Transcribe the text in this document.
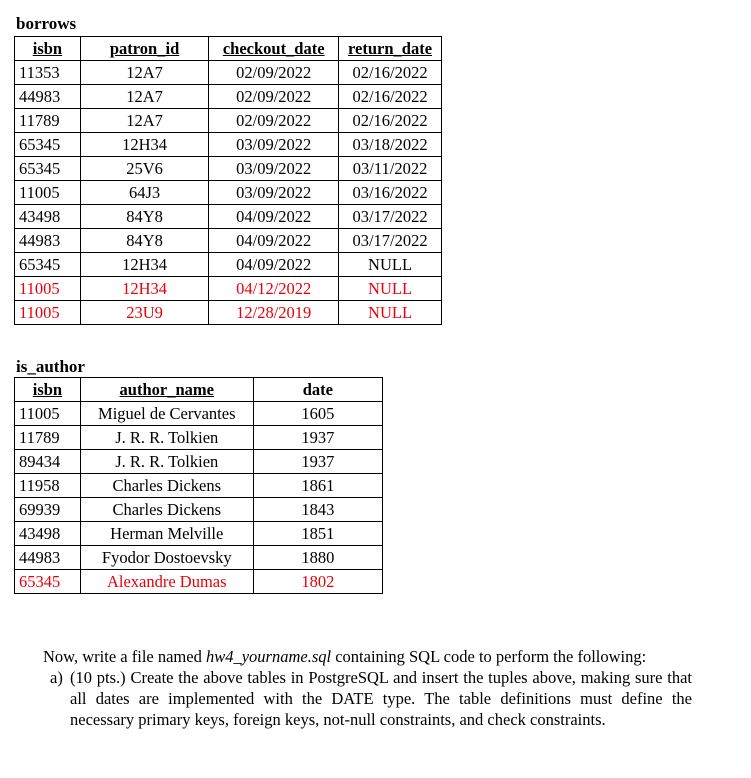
borrows
isbn	patron_id	checkout_date	return_date
11353	12A7	02/09/2022	02/16/2022
44983	12A7	02/09/2022	02/16/2022
11789	12A7	02/09/2022	02/16/2022
65345	12H34	03/09/2022	03/18/2022
65345	25V6	03/09/2022	03/11/2022
11005	64J3	03/09/2022	03/16/2022
43498	84Y8	04/09/2022	03/17/2022
44983	84Y8	04/09/2022	03/17/2022
65345	12H34	04/09/2022	NULL
11005	12H34	04/12/2022	NULL
11005	23U9	12/28/2019	NULL
is_author
isbn	author_name	date
11005	Miguel de Cervantes	1605
11789	J. R. R. Tolkien	1937
89434	J. R. R. Tolkien	1937
11958	Charles Dickens	1861
69939	Charles Dickens	1843
43498	Herman Melville	1851
44983	Fyodor Dostoevsky	1880
65345	Alexandre Dumas	1802
Now, write a file named hw4_yourname.sql containing SQL code to perform the following:
a) (10 pts.) Create the above tables in PostgreSQL and insert the tuples above, making sure that all dates are implemented with the DATE type. The table definitions must define the necessary primary keys, foreign keys, not-null constraints, and check constraints.
